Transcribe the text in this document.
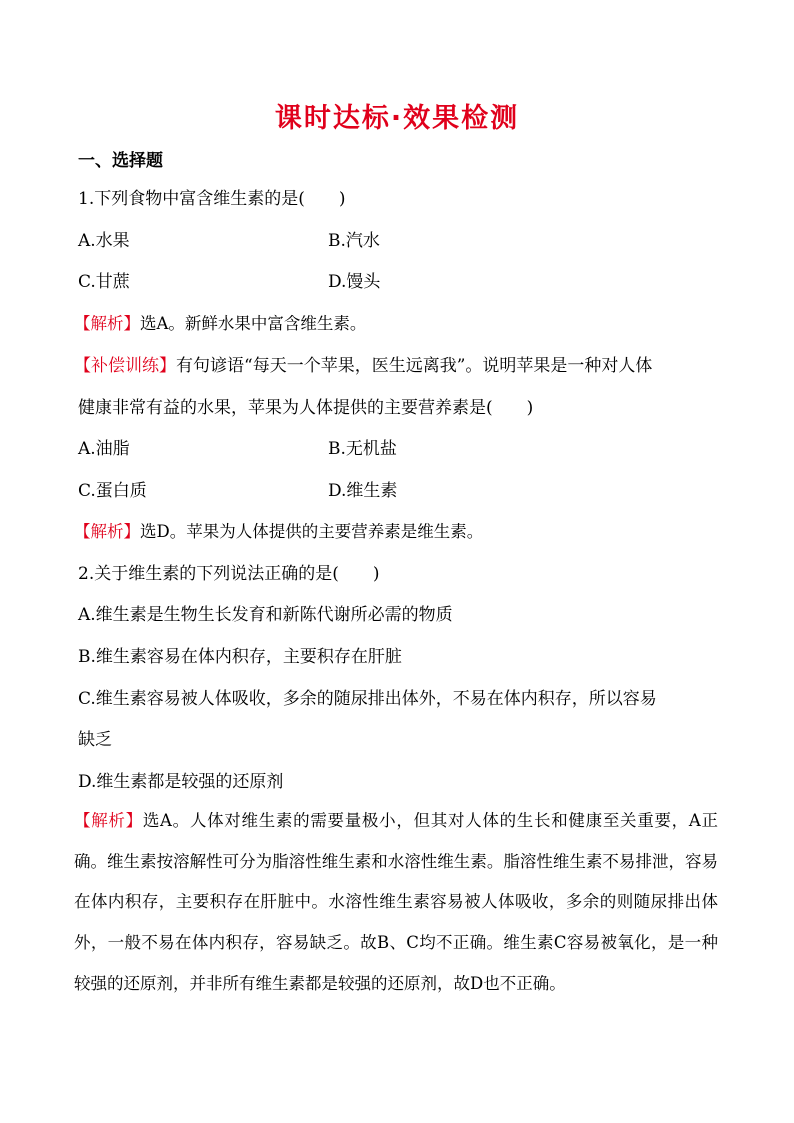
课时达标·效果检测
一、选择题
1.下列食物中富含维生素的是(　　)
A.水果	B.汽水
C.甘蔗	D.馒头
【解析】选A。新鲜水果中富含维生素。
【补偿训练】有句谚语“每天一个苹果，医生远离我”。说明苹果是一种对人体
健康非常有益的水果，苹果为人体提供的主要营养素是(　　)
A.油脂	B.无机盐
C.蛋白质	D.维生素
【解析】选D。苹果为人体提供的主要营养素是维生素。
2.关于维生素的下列说法正确的是(　　)
A.维生素是生物生长发育和新陈代谢所必需的物质
B.维生素容易在体内积存，主要积存在肝脏
C.维生素容易被人体吸收，多余的随尿排出体外，不易在体内积存，所以容易
缺乏
D.维生素都是较强的还原剂
【解析】选A。人体对维生素的需要量极小，但其对人体的生长和健康至关重要，A正确。维生素按溶解性可分为脂溶性维生素和水溶性维生素。脂溶性维生素不易排泄，容易在体内积存，主要积存在肝脏中。水溶性维生素容易被人体吸收，多余的则随尿排出体外，一般不易在体内积存，容易缺乏。故B、C均不正确。维生素C容易被氧化，是一种较强的还原剂，并非所有维生素都是较强的还原剂，故D也不正确。
